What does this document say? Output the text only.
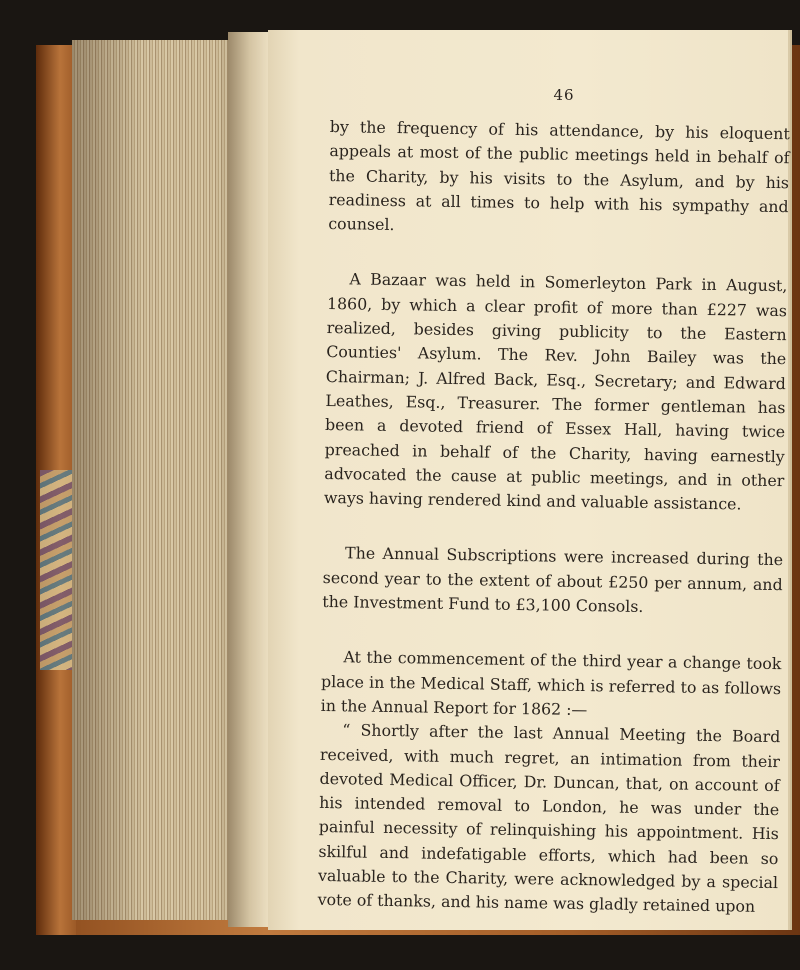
46

by the frequency of his attendance, by his eloquent appeals at most of the public meetings held in behalf of the Charity, by his visits to the Asylum, and by his readiness at all times to help with his sympathy and counsel.

A Bazaar was held in Somerleyton Park in August, 1860, by which a clear profit of more than £227 was realized, besides giving publicity to the Eastern Counties' Asylum. The Rev. John Bailey was the Chairman; J. Alfred Back, Esq., Secretary; and Edward Leathes, Esq., Treasurer. The former gentleman has been a devoted friend of Essex Hall, having twice preached in behalf of the Charity, having earnestly advocated the cause at public meetings, and in other ways having rendered kind and valuable assistance.

The Annual Subscriptions were increased during the second year to the extent of about £250 per annum, and the Investment Fund to £3,100 Consols.

At the commencement of the third year a change took place in the Medical Staff, which is referred to as follows in the Annual Report for 1862 :—

“ Shortly after the last Annual Meeting the Board received, with much regret, an intimation from their devoted Medical Officer, Dr. Duncan, that, on account of his intended removal to London, he was under the painful necessity of relinquishing his appointment. His skilful and indefatigable efforts, which had been so valuable to the Charity, were acknowledged by a special vote of thanks, and his name was gladly retained upon
